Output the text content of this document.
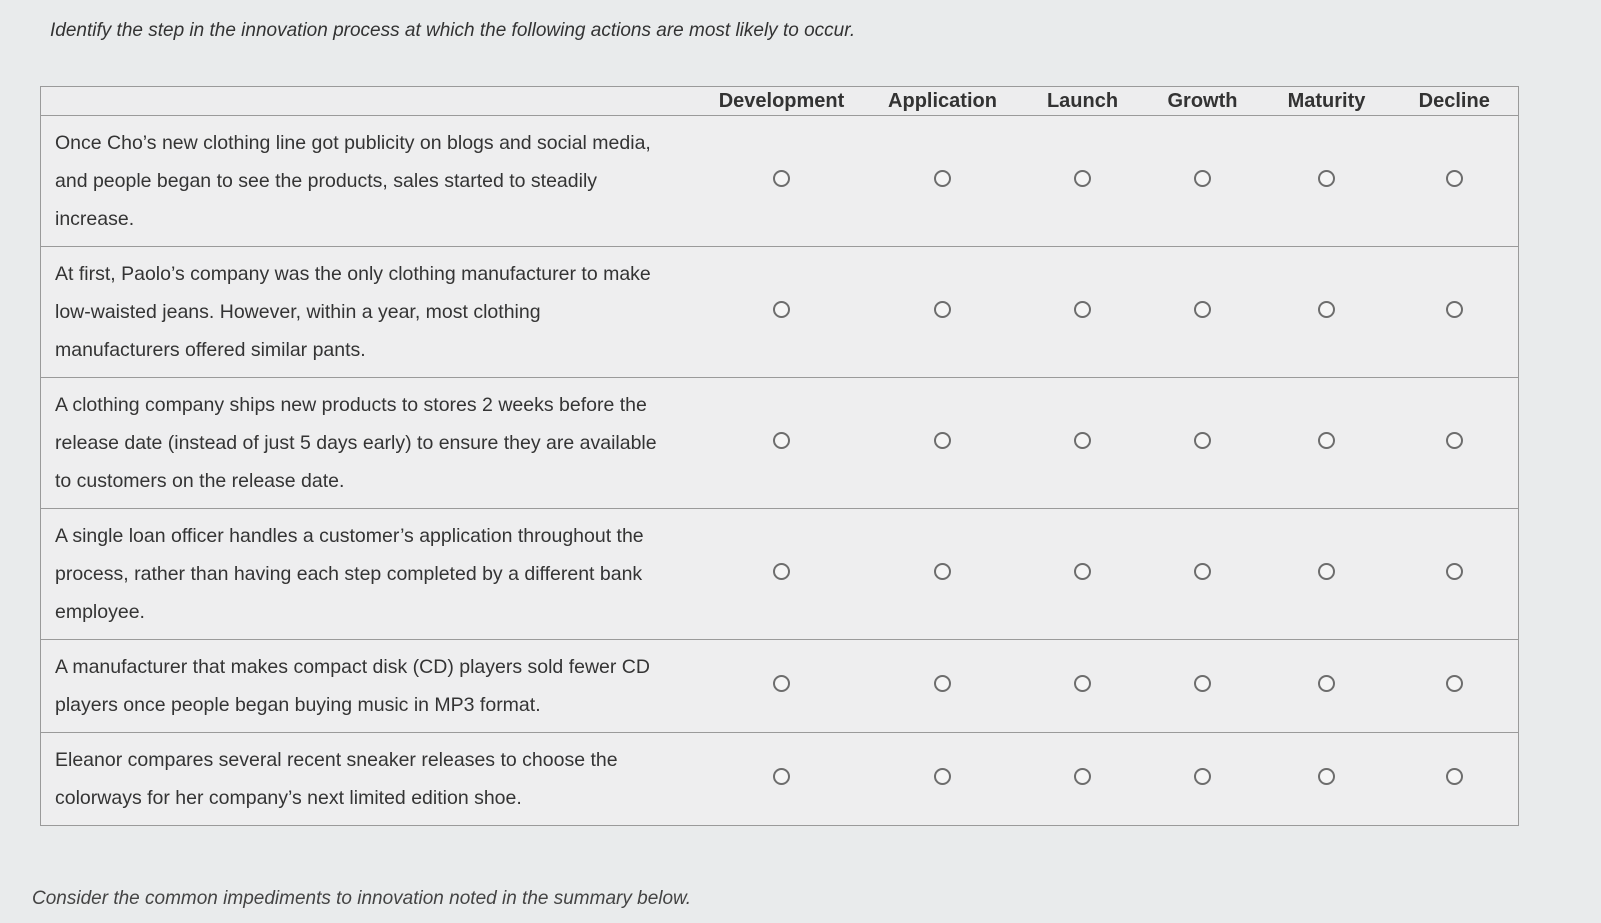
Identify the step in the innovation process at which the following actions are most likely to occur.
	Development	Application	Launch	Growth	Maturity	Decline
Once Cho’s new clothing line got publicity on blogs and social media, and people began to see the products, sales started to steadily increase.						
At first, Paolo’s company was the only clothing manufacturer to make low-waisted jeans. However, within a year, most clothing manufacturers offered similar pants.						
A clothing company ships new products to stores 2 weeks before the release date (instead of just 5 days early) to ensure they are available to customers on the release date.						
A single loan officer handles a customer’s application throughout the process, rather than having each step completed by a different bank employee.						
A manufacturer that makes compact disk (CD) players sold fewer CD players once people began buying music in MP3 format.						
Eleanor compares several recent sneaker releases to choose the colorways for her company’s next limited edition shoe.						
Consider the common impediments to innovation noted in the summary below.
